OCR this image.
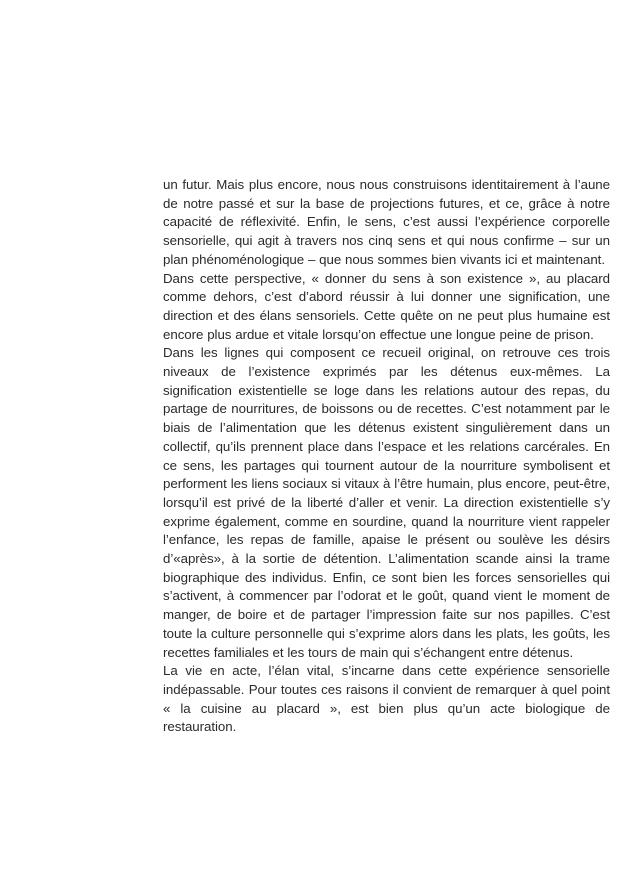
un futur. Mais plus encore, nous nous construisons identitairement à l’aune de notre passé et sur la base de projections futures, et ce, grâce à notre capacité de réflexivité. Enfin, le sens, c’est aussi l’expérience corporelle sensorielle, qui agit à travers nos cinq sens et qui nous confirme – sur un plan phénoménologique – que nous sommes bien vivants ici et maintenant.

Dans cette perspective, « donner du sens à son existence », au placard comme dehors, c’est d’abord réussir à lui donner une signification, une direction et des élans sensoriels. Cette quête on ne peut plus humaine est encore plus ardue et vitale lorsqu’on effectue une longue peine de prison.

Dans les lignes qui composent ce recueil original, on retrouve ces trois niveaux de l’existence exprimés par les détenus eux-mêmes. La signification existentielle se loge dans les relations autour des repas, du partage de nourritures, de boissons ou de recettes. C’est notamment par le biais de l’alimentation que les détenus existent singulièrement dans un collectif, qu’ils prennent place dans l’espace et les relations carcérales. En ce sens, les partages qui tournent autour de la nourriture symbolisent et performent les liens sociaux si vitaux à l’être humain, plus encore, peut-être, lorsqu’il est privé de la liberté d’aller et venir. La direction existentielle s’y exprime également, comme en sourdine, quand la nourriture vient rappeler l’enfance, les repas de famille, apaise le présent ou soulève les désirs d’«après», à la sortie de détention. L’alimentation scande ainsi la trame biographique des individus. Enfin, ce sont bien les forces sensorielles qui s’activent, à commencer par l’odorat et le goût, quand vient le moment de manger, de boire et de partager l’impression faite sur nos papilles. C’est toute la culture personnelle qui s’exprime alors dans les plats, les goûts, les recettes familiales et les tours de main qui s’échangent entre détenus.

La vie en acte, l’élan vital, s’incarne dans cette expérience sensorielle indépassable. Pour toutes ces raisons il convient de remarquer à quel point « la cuisine au placard », est bien plus qu’un acte biologique de restauration.
